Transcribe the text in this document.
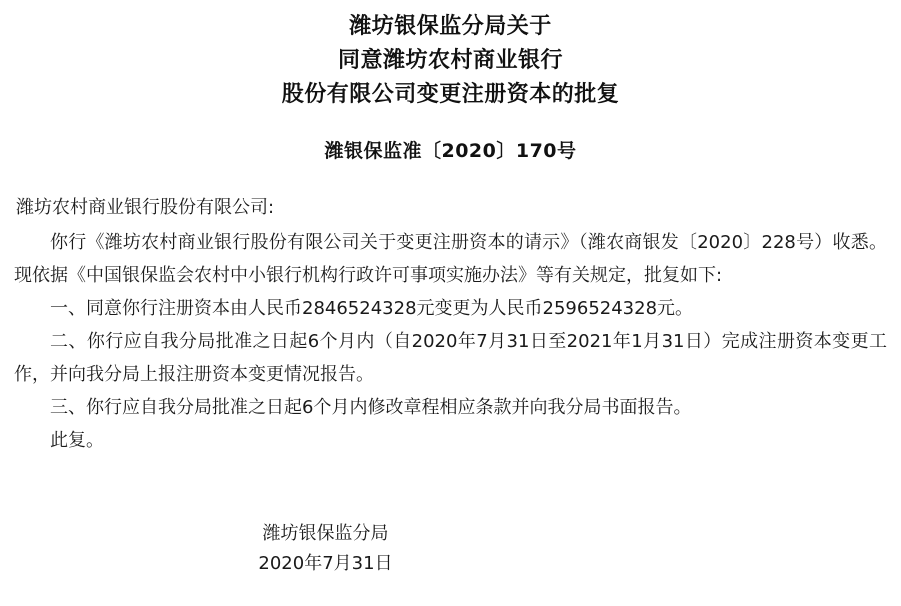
潍坊银保监分局关于
同意潍坊农村商业银行
股份有限公司变更注册资本的批复
潍银保监准〔2020〕170号
潍坊农村商业银行股份有限公司:

你行《潍坊农村商业银行股份有限公司关于变更注册资本的请示》（潍农商银发〔2020〕228号）收悉。现依据《中国银保监会农村中小银行机构行政许可事项实施办法》等有关规定，批复如下:

一、同意你行注册资本由人民币2846524328元变更为人民币2596524328元。

二、你行应自我分局批准之日起6个月内（自2020年7月31日至2021年1月31日）完成注册资本变更工作，并向我分局上报注册资本变更情况报告。

三、你行应自我分局批准之日起6个月内修改章程相应条款并向我分局书面报告。

此复。

潍坊银保监分局
2020年7月31日
